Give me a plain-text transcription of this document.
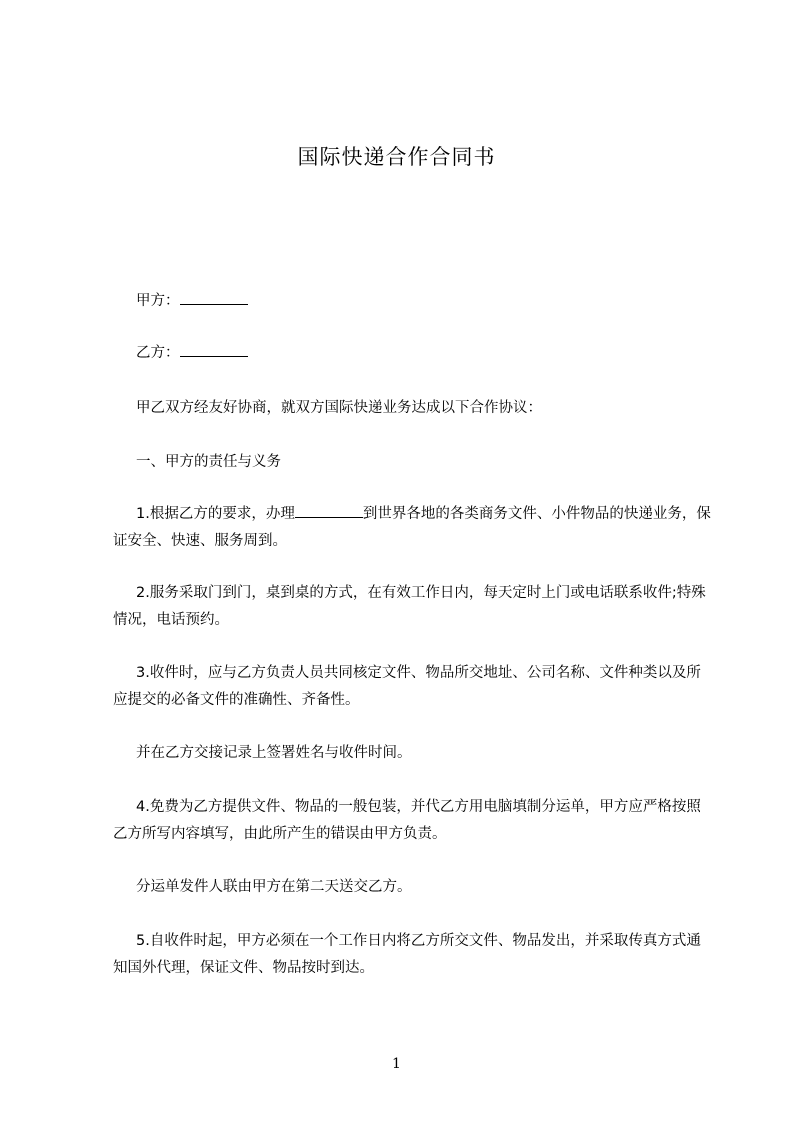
国际快递合作合同书
甲方：
乙方：
甲乙双方经友好协商，就双方国际快递业务达成以下合作协议：
一、甲方的责任与义务
1.根据乙方的要求，办理	到世界各地的各类商务文件、小件物品的快递业务，保证安全、快速、服务周到。
2.服务采取门到门，桌到桌的方式，在有效工作日内，每天定时上门或电话联系收件;特殊情况，电话预约。
3.收件时，应与乙方负责人员共同核定文件、物品所交地址、公司名称、文件种类以及所应提交的必备文件的准确性、齐备性。
并在乙方交接记录上签署姓名与收件时间。
4.免费为乙方提供文件、物品的一般包装，并代乙方用电脑填制分运单，甲方应严格按照乙方所写内容填写，由此所产生的错误由甲方负责。
分运单发件人联由甲方在第二天送交乙方。
5.自收件时起，甲方必须在一个工作日内将乙方所交文件、物品发出，并采取传真方式通知国外代理，保证文件、物品按时到达。
1
